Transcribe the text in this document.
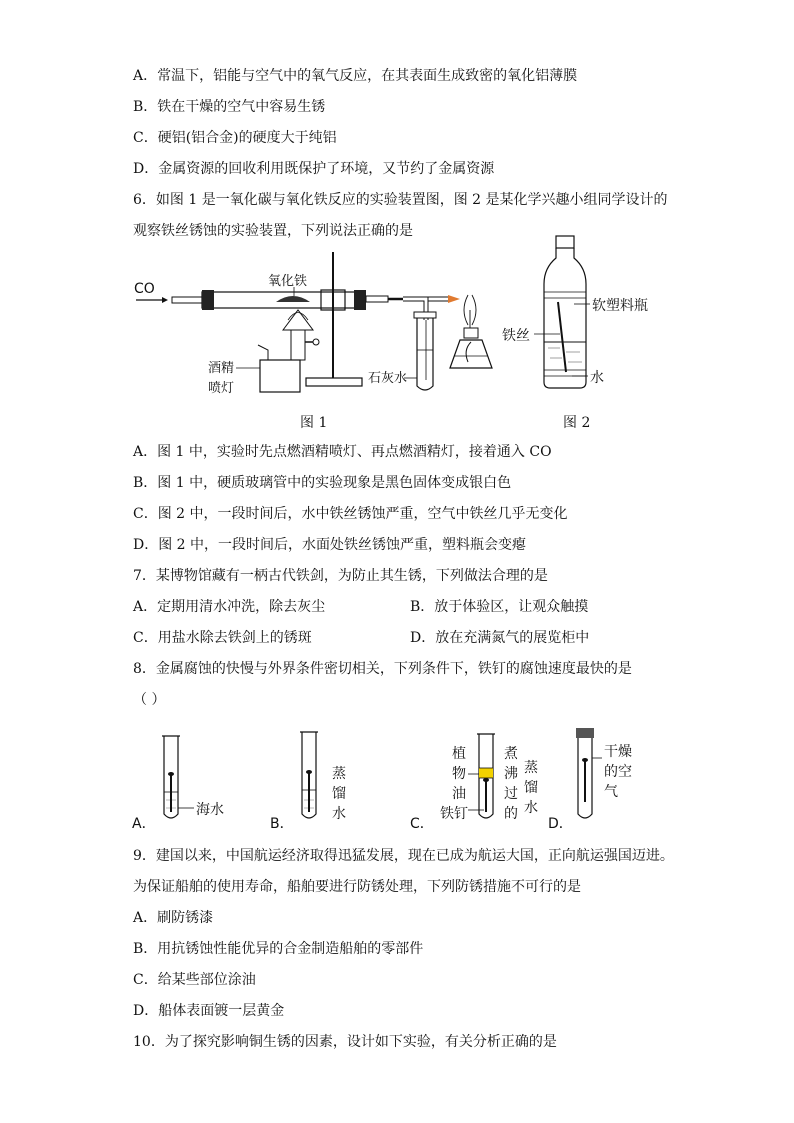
A．常温下，铝能与空气中的氧气反应，在其表面生成致密的氧化铝薄膜
B．铁在干燥的空气中容易生锈
C．硬铝(铝合金)的硬度大于纯铝
D．金属资源的回收利用既保护了环境，又节约了金属资源
6．如图 1 是一氧化碳与氧化铁反应的实验装置图，图 2 是某化学兴趣小组同学设计的
观察铁丝锈蚀的实验装置，下列说法正确的是
CO	氧化铁
酒精
喷灯
石灰水
软塑料瓶
铁丝
水
图 1	图 2
A．图 1 中，实验时先点燃酒精喷灯、再点燃酒精灯，接着通入 CO
B．图 1 中，硬质玻璃管中的实验现象是黑色固体变成银白色
C．图 2 中，一段时间后，水中铁丝锈蚀严重，空气中铁丝几乎无变化
D．图 2 中，一段时间后，水面处铁丝锈蚀严重，塑料瓶会变瘪
7．某博物馆藏有一柄古代铁剑，为防止其生锈，下列做法合理的是
A．定期用清水冲洗，除去灰尘	B．放于体验区，让观众触摸
C．用盐水除去铁剑上的锈斑	D．放在充满氮气的展览柜中
8．金属腐蚀的快慢与外界条件密切相关，下列条件下，铁钉的腐蚀速度最快的是
（ ）
A．
海水
B．
蒸
馏
水
C．
植
物
油
铁钉
煮
沸
过
的
蒸
馏
水
D．
干燥
的空
气
9．建国以来，中国航运经济取得迅猛发展，现在已成为航运大国，正向航运强国迈进。
为保证船舶的使用寿命，船舶要进行防锈处理，下列防锈措施不可行的是
A．刷防锈漆
B．用抗锈蚀性能优异的合金制造船舶的零部件
C．给某些部位涂油
D．船体表面镀一层黄金
10．为了探究影响铜生锈的因素，设计如下实验，有关分析正确的是
